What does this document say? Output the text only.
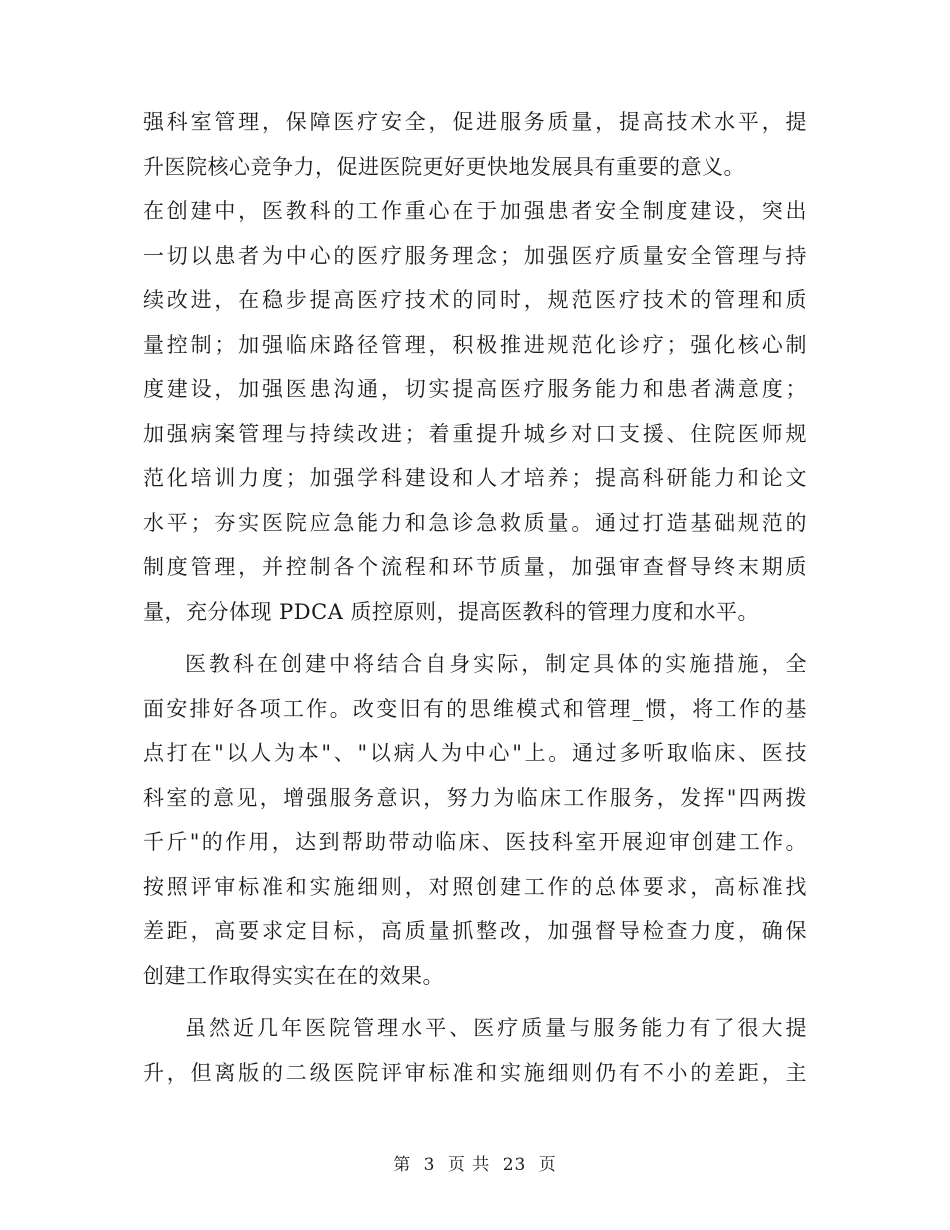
强科室管理，保障医疗安全，促进服务质量，提高技术水平，提
升医院核心竞争力，促进医院更好更快地发展具有重要的意义。
在创建中，医教科的工作重心在于加强患者安全制度建设，突出
一切以患者为中心的医疗服务理念；加强医疗质量安全管理与持
续改进，在稳步提高医疗技术的同时，规范医疗技术的管理和质
量控制；加强临床路径管理，积极推进规范化诊疗；强化核心制
度建设，加强医患沟通，切实提高医疗服务能力和患者满意度；
加强病案管理与持续改进；着重提升城乡对口支援、住院医师规
范化培训力度；加强学科建设和人才培养；提高科研能力和论文
水平；夯实医院应急能力和急诊急救质量。通过打造基础规范的
制度管理，并控制各个流程和环节质量，加强审查督导终末期质
量，充分体现 PDCA 质控原则，提高医教科的管理力度和水平。
医教科在创建中将结合自身实际，制定具体的实施措施，全
面安排好各项工作。改变旧有的思维模式和管理_惯，将工作的基
点打在"以人为本"、"以病人为中心"上。通过多听取临床、医技
科室的意见，增强服务意识，努力为临床工作服务，发挥"四两拨
千斤"的作用，达到帮助带动临床、医技科室开展迎审创建工作。
按照评审标准和实施细则，对照创建工作的总体要求，高标准找
差距，高要求定目标，高质量抓整改，加强督导检查力度，确保
创建工作取得实实在在的效果。
虽然近几年医院管理水平、医疗质量与服务能力有了很大提
升，但离版的二级医院评审标准和实施细则仍有不小的差距，主
第 3 页 共 23 页
